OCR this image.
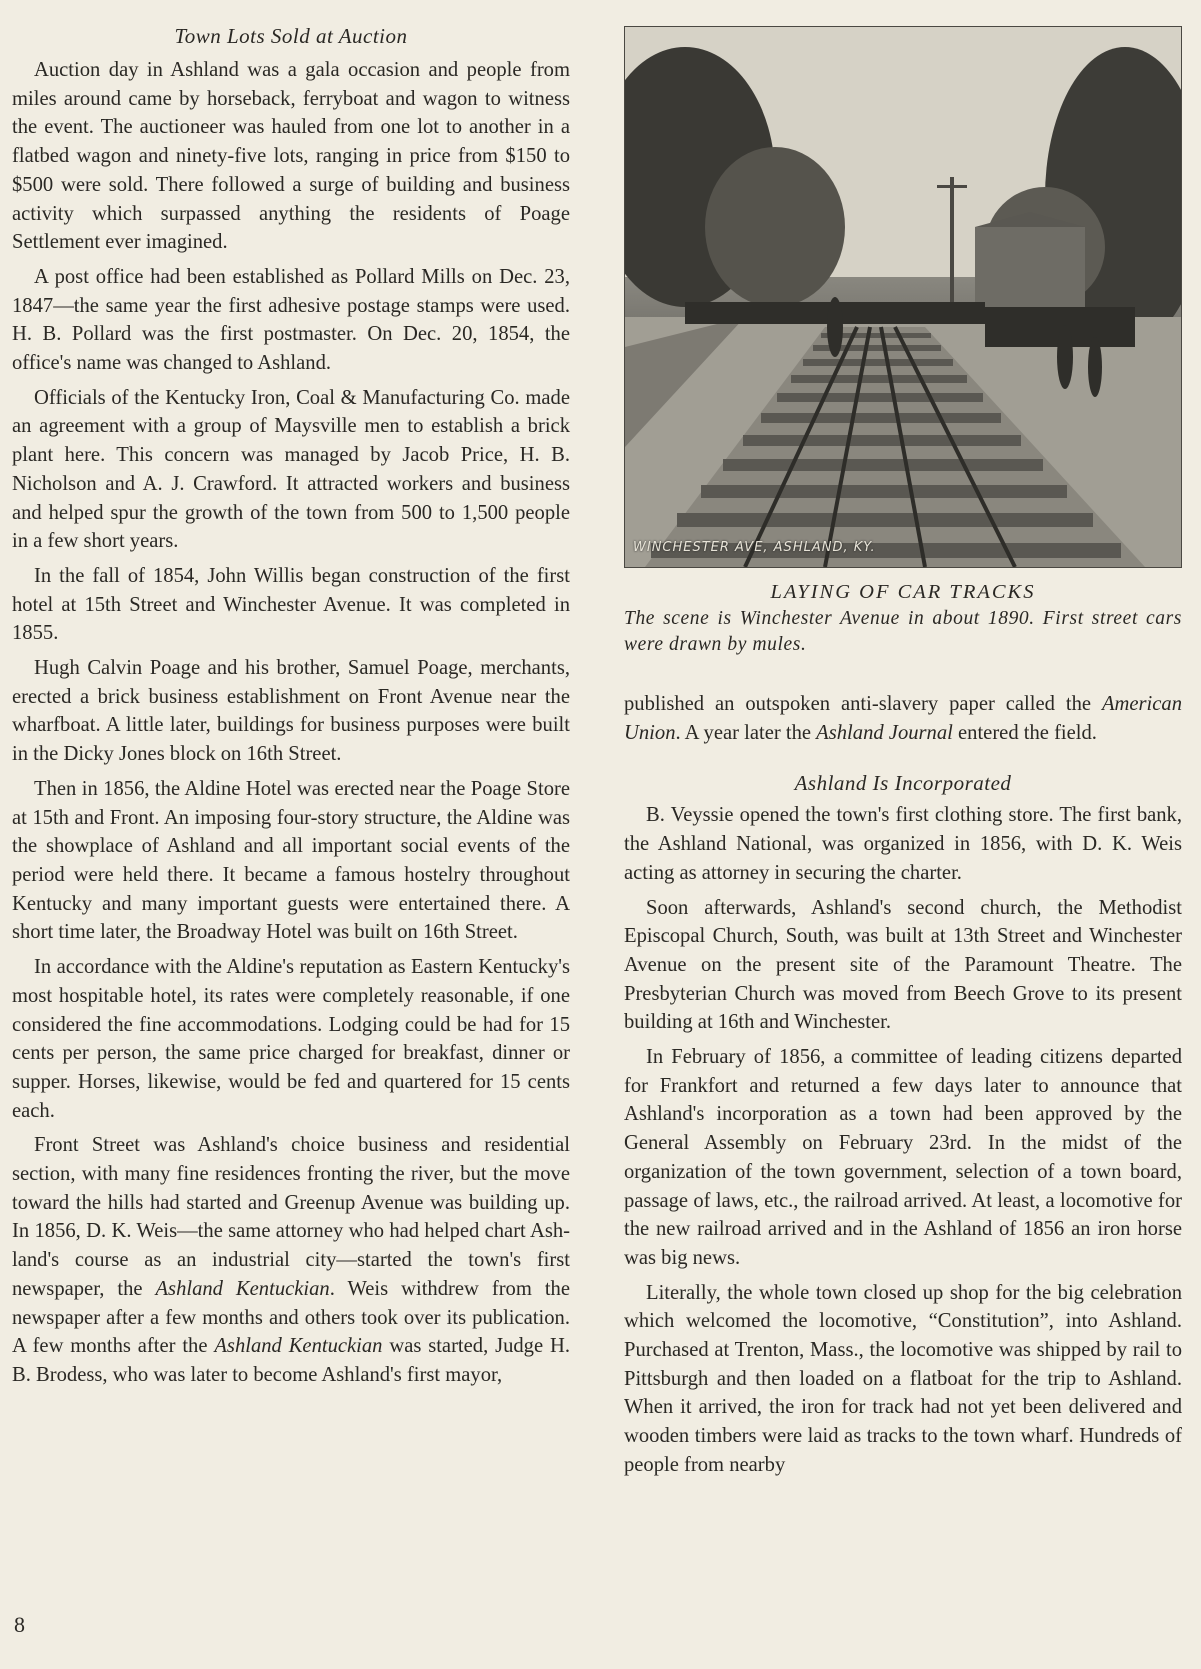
Town Lots Sold at Auction

Auction day in Ashland was a gala occasion and people from miles around came by horseback, ferryboat and wagon to witness the event. The auctioneer was hauled from one lot to another in a flatbed wagon and ninety-five lots, ranging in price from $150 to $500 were sold. There followed a surge of building and business activity which surpassed anything the residents of Poage Settlement ever imagined.

A post office had been established as Pollard Mills on Dec. 23, 1847—the same year the first adhesive postage stamps were used. H. B. Pollard was the first postmaster. On Dec. 20, 1854, the office's name was changed to Ashland.

Officials of the Kentucky Iron, Coal & Manufacturing Co. made an agreement with a group of Maysville men to establish a brick plant here. This concern was managed by Jacob Price, H. B. Nicholson and A. J. Crawford. It attracted workers and business and helped spur the growth of the town from 500 to 1,500 people in a few short years.

In the fall of 1854, John Willis began construction of the first hotel at 15th Street and Winchester Avenue. It was completed in 1855.

Hugh Calvin Poage and his brother, Samuel Poage, merchants, erected a brick business establishment on Front Avenue near the wharfboat. A little later, buildings for business purposes were built in the Dicky Jones block on 16th Street.

Then in 1856, the Aldine Hotel was erected near the Poage Store at 15th and Front. An imposing four-story structure, the Aldine was the showplace of Ashland and all important social events of the period were held there. It became a famous hostelry throughout Kentucky and many important guests were entertained there. A short time later, the Broadway Hotel was built on 16th Street.

In accordance with the Aldine's reputation as Eastern Kentucky's most hospitable hotel, its rates were completely reasonable, if one considered the fine accommodations. Lodging could be had for 15 cents per person, the same price charged for breakfast, dinner or supper. Horses, likewise, would be fed and quartered for 15 cents each.

Front Street was Ashland's choice business and residential section, with many fine residences fronting the river, but the move toward the hills had started and Greenup Avenue was building up. In 1856, D. K. Weis—the same attorney who had helped chart Ashland's course as an industrial city—started the town's first newspaper, the Ashland Kentuckian. Weis withdrew from the newspaper after a few months and others took over its publication. A few months after the Ashland Kentuckian was started, Judge H. B. Brodess, who was later to become Ashland's first mayor,

WINCHESTER AVE, ASHLAND, KY.
LAYING OF CAR TRACKS
The scene is Winchester Avenue in about 1890. First street cars were drawn by mules.

published an outspoken anti-slavery paper called the American Union. A year later the Ashland Journal entered the field.

Ashland Is Incorporated

B. Veyssie opened the town's first clothing store. The first bank, the Ashland National, was organized in 1856, with D. K. Weis acting as attorney in securing the charter.

Soon afterwards, Ashland's second church, the Methodist Episcopal Church, South, was built at 13th Street and Winchester Avenue on the present site of the Paramount Theatre. The Presbyterian Church was moved from Beech Grove to its present building at 16th and Winchester.

In February of 1856, a committee of leading citizens departed for Frankfort and returned a few days later to announce that Ashland's incorporation as a town had been approved by the General Assembly on February 23rd. In the midst of the organization of the town government, selection of a town board, passage of laws, etc., the railroad arrived. At least, a locomotive for the new railroad arrived and in the Ashland of 1856 an iron horse was big news.

Literally, the whole town closed up shop for the big celebration which welcomed the locomotive, “Constitution”, into Ashland. Purchased at Trenton, Mass., the locomotive was shipped by rail to Pittsburgh and then loaded on a flatboat for the trip to Ashland. When it arrived, the iron for track had not yet been delivered and wooden timbers were laid as tracks to the town wharf. Hundreds of people from nearby

8
